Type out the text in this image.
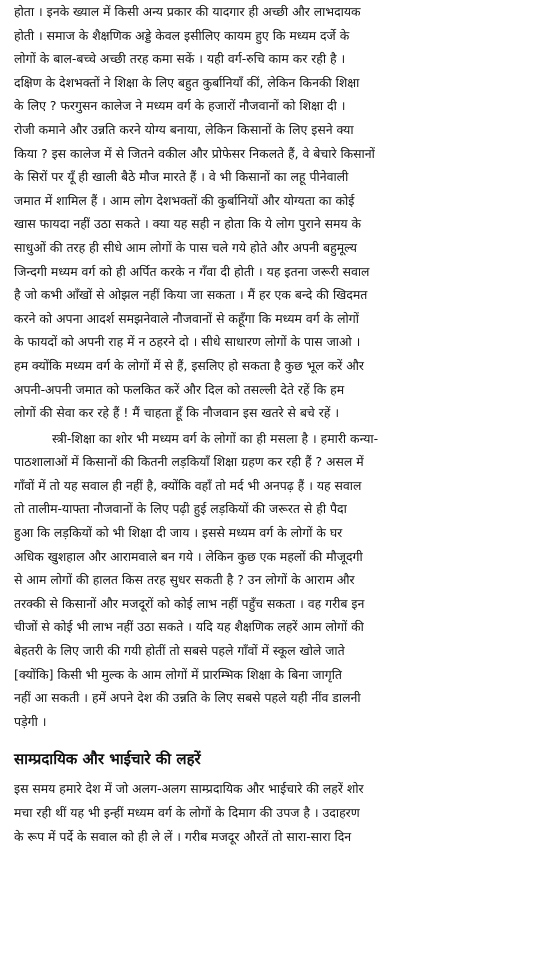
होता । इनके ख्याल में किसी अन्य प्रकार की यादगार ही अच्छी और लाभदायक
होती । समाज के शैक्षणिक अड्डे केवल इसीलिए कायम हुए कि मध्यम दर्जे के
लोगों के बाल-बच्चे अच्छी तरह कमा सकें । यही वर्ग-रुचि काम कर रही है ।
दक्षिण के देशभक्तों ने शिक्षा के लिए बहुत कुर्बानियाँ कीं, लेकिन किनकी शिक्षा
के लिए ? फरगुसन कालेज ने मध्यम वर्ग के हजारों नौजवानों को शिक्षा दी ।
रोजी कमाने और उन्नति करने योग्य बनाया, लेकिन किसानों के लिए इसने क्या
किया ? इस कालेज में से जितने वकील और प्रोफेसर निकलते हैं, वे बेचारे किसानों
के सिरों पर यूँ ही खाली बैठे मौज मारते हैं । वे भी किसानों का लहू पीनेवाली
जमात में शामिल हैं । आम लोग देशभक्तों की कुर्बानियों और योग्यता का कोई
खास फायदा नहीं उठा सकते । क्या यह सही न होता कि ये लोग पुराने समय के
साधुओं की तरह ही सीधे आम लोगों के पास चले गये होते और अपनी बहुमूल्य
जिन्दगी मध्यम वर्ग को ही अर्पित करके न गँवा दी होती । यह इतना जरूरी सवाल
है जो कभी आँखों से ओझल नहीं किया जा सकता । मैं हर एक बन्दे की खिदमत
करने को अपना आदर्श समझनेवाले नौजवानों से कहूँगा कि मध्यम वर्ग के लोगों
के फायदों को अपनी राह में न ठहरने दो । सीधे साधारण लोगों के पास जाओ ।
हम क्योंकि मध्यम वर्ग के लोगों में से हैं, इसलिए हो सकता है कुछ भूल करें और
अपनी-अपनी जमात को फलकित करें और दिल को तसल्ली देते रहें कि हम
लोगों की सेवा कर रहे हैं ! मैं चाहता हूँ कि नौजवान इस खतरे से बचे रहें ।

स्त्री-शिक्षा का शोर भी मध्यम वर्ग के लोगों का ही मसला है । हमारी कन्या-
पाठशालाओं में किसानों की कितनी लड़कियाँ शिक्षा ग्रहण कर रही हैं ? असल में
गाँवों में तो यह सवाल ही नहीं है, क्योंकि वहाँ तो मर्द भी अनपढ़ हैं । यह सवाल
तो तालीम-याफ्ता नौजवानों के लिए पढ़ी हुई लड़कियों की जरूरत से ही पैदा
हुआ कि लड़कियों को भी शिक्षा दी जाय । इससे मध्यम वर्ग के लोगों के घर
अधिक खुशहाल और आरामवाले बन गये । लेकिन कुछ एक महलों की मौजूदगी
से आम लोगों की हालत किस तरह सुधर सकती है ? उन लोगों के आराम और
तरक्की से किसानों और मजदूरों को कोई लाभ नहीं पहुँच सकता । वह गरीब इन
चीजों से कोई भी लाभ नहीं उठा सकते । यदि यह शैक्षणिक लहरें आम लोगों की
बेहतरी के लिए जारी की गयी होतीं तो सबसे पहले गाँवों में स्कूल खोले जाते
[क्योंकि] किसी भी मुल्क के आम लोगों में प्रारम्भिक शिक्षा के बिना जागृति
नहीं आ सकती । हमें अपने देश की उन्नति के लिए सबसे पहले यही नींव डालनी
पड़ेगी ।

साम्प्रदायिक और भाईचारे की लहरें

इस समय हमारे देश में जो अलग-अलग साम्प्रदायिक और भाईचारे की लहरें शोर
मचा रही थीं यह भी इन्हीं मध्यम वर्ग के लोगों के दिमाग की उपज है । उदाहरण
के रूप में पर्दे के सवाल को ही ले लें । गरीब मजदूर औरतें तो सारा-सारा दिन
